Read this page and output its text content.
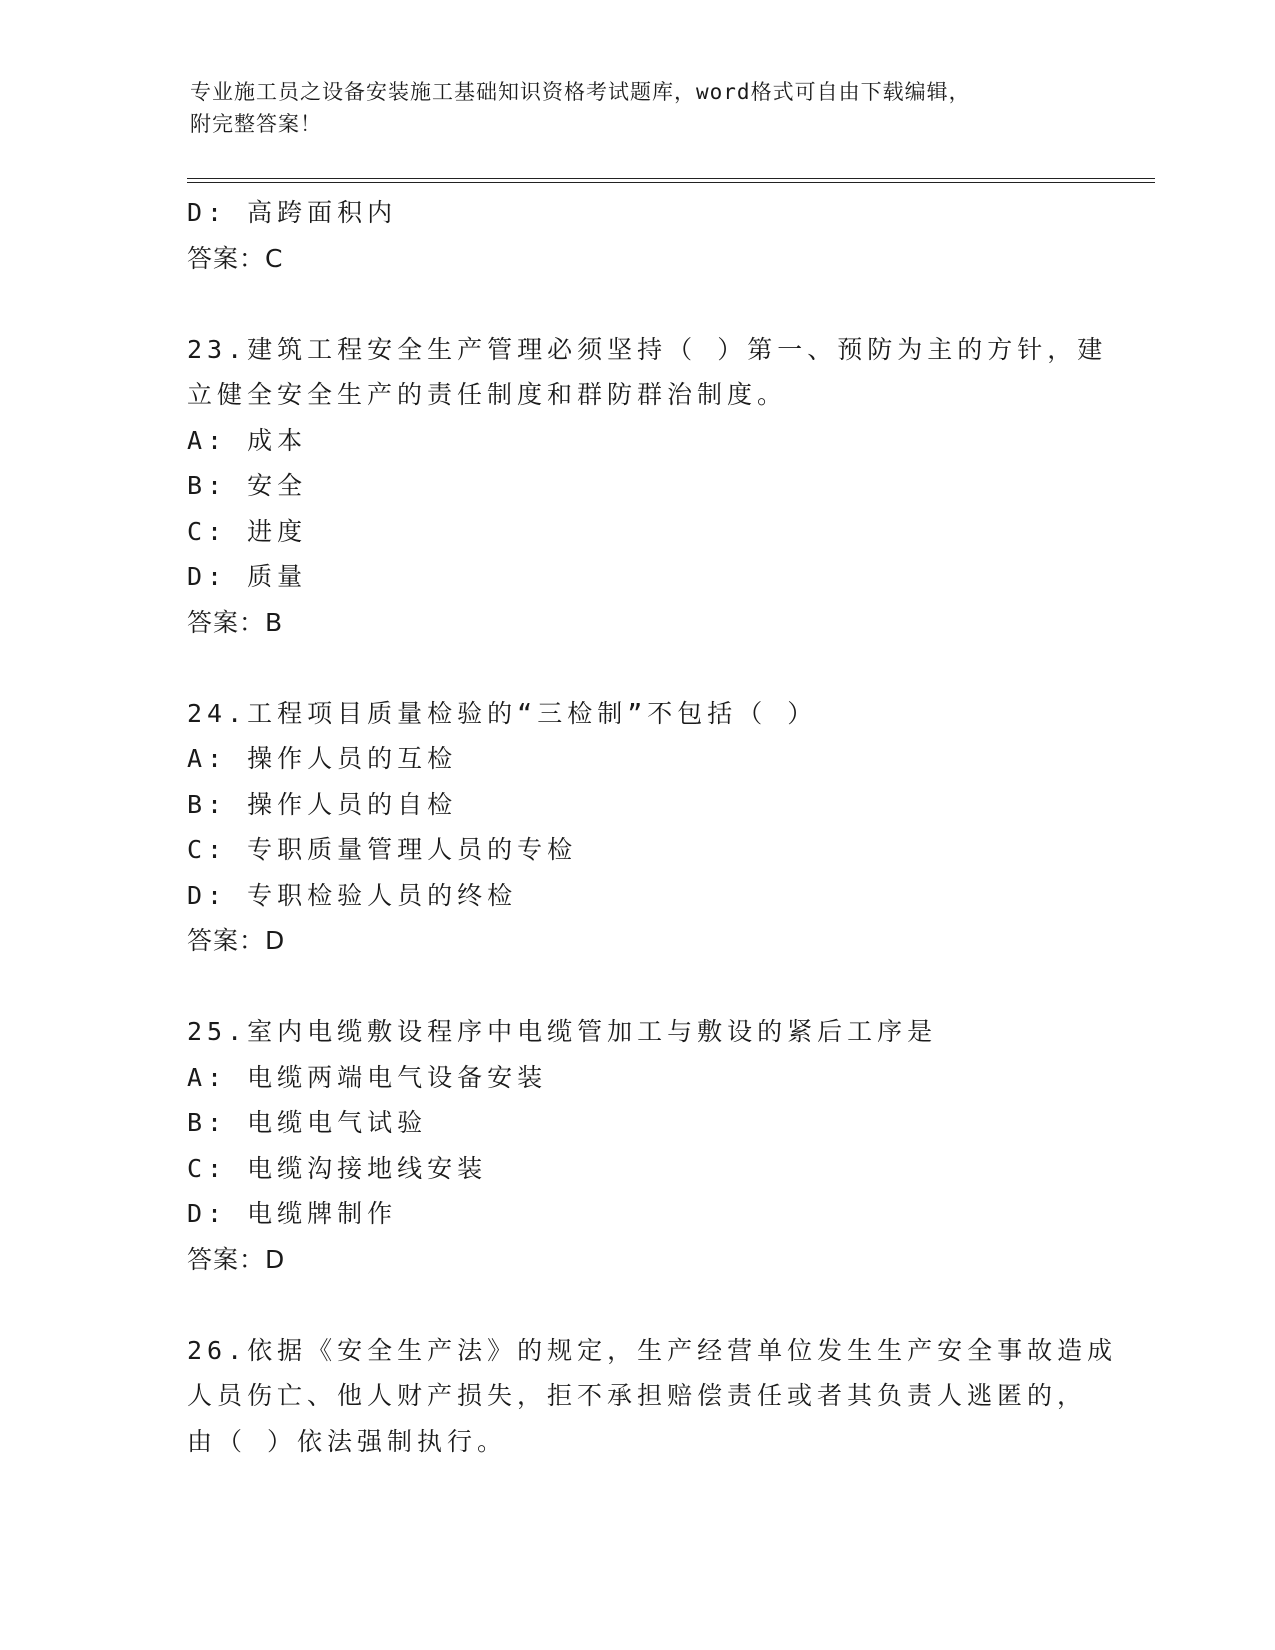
专业施工员之设备安装施工基础知识资格考试题库，word格式可自由下载编辑，
附完整答案！
D: 高跨面积内
答案：C
23.建筑工程安全生产管理必须坚持（ ）第一、预防为主的方针，建
立健全安全生产的责任制度和群防群治制度。
A: 成本
B: 安全
C: 进度
D: 质量
答案：B
24.工程项目质量检验的“三检制”不包括（ ）
A: 操作人员的互检
B: 操作人员的自检
C: 专职质量管理人员的专检
D: 专职检验人员的终检
答案：D
25.室内电缆敷设程序中电缆管加工与敷设的紧后工序是
A: 电缆两端电气设备安装
B: 电缆电气试验
C: 电缆沟接地线安装
D: 电缆牌制作
答案：D
26.依据《安全生产法》的规定，生产经营单位发生生产安全事故造成
人员伤亡、他人财产损失，拒不承担赔偿责任或者其负责人逃匿的，
由（ ）依法强制执行。
